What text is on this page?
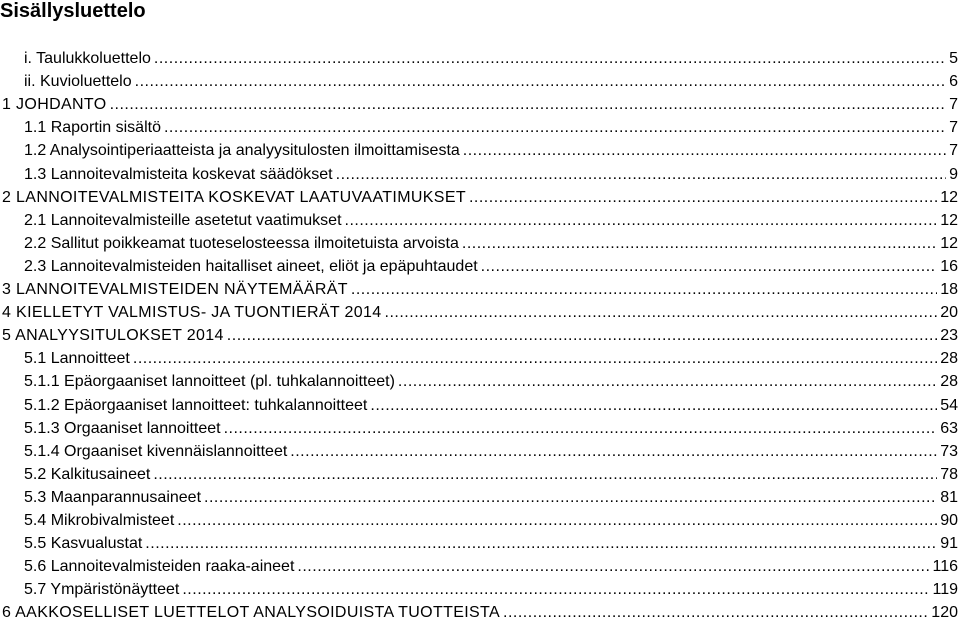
Sisällysluettelo
i. Taulukkoluettelo .....	5
ii. Kuvioluettelo .....	6
1 JOHDANTO .....	7
1.1 Raportin sisältö .....	7
1.2 Analysointiperiaatteista ja analyysitulosten ilmoittamisesta .....	7
1.3 Lannoitevalmisteita koskevat säädökset .....	9
2 LANNOITEVALMISTEITA KOSKEVAT LAATUVAATIMUKSET .....	12
2.1 Lannoitevalmisteille asetetut vaatimukset .....	12
2.2 Sallitut poikkeamat tuoteselosteessa ilmoitetuista arvoista .....	12
2.3 Lannoitevalmisteiden haitalliset aineet, eliöt ja epäpuhtaudet .....	16
3 LANNOITEVALMISTEIDEN NÄYTEMÄÄRÄT .....	18
4 KIELLETYT VALMISTUS- JA TUONTIERÄT 2014 .....	20
5 ANALYYSITULOKSET 2014 .....	23
5.1 Lannoitteet .....	28
5.1.1 Epäorgaaniset lannoitteet (pl. tuhkalannoitteet) .....	28
5.1.2 Epäorgaaniset lannoitteet: tuhkalannoitteet .....	54
5.1.3 Orgaaniset lannoitteet .....	63
5.1.4 Orgaaniset kivennäislannoitteet .....	73
5.2 Kalkitusaineet .....	78
5.3 Maanparannusaineet .....	81
5.4 Mikrobivalmisteet .....	90
5.5 Kasvualustat .....	91
5.6 Lannoitevalmisteiden raaka-aineet .....	116
5.7 Ympäristönäytteet .....	119
6 AAKKOSELLISET LUETTELOT ANALYSOIDUISTA TUOTTEISTA .....	120
